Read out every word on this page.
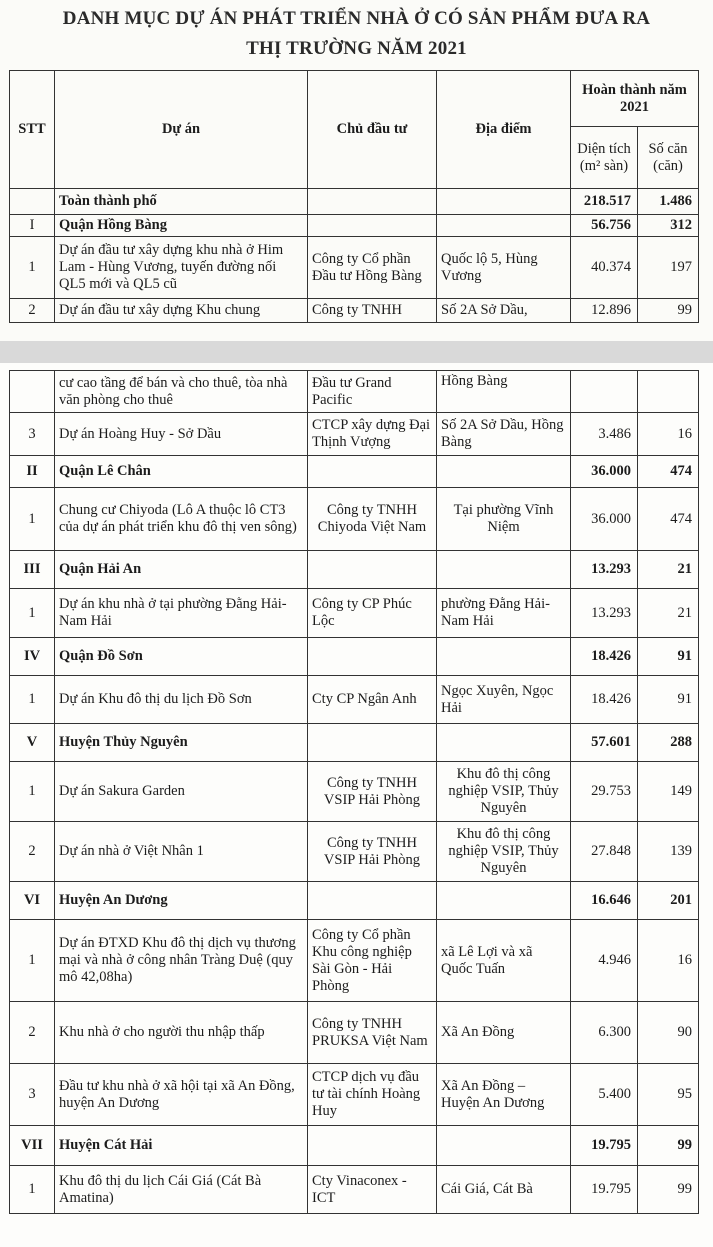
DANH MỤC DỰ ÁN PHÁT TRIỂN NHÀ Ở CÓ SẢN PHẨM ĐƯA RA
THỊ TRƯỜNG NĂM 2021
STT	Dự án	Chủ đầu tư	Địa điểm	Hoàn thành năm 2021	
				Diện tích (m² sàn)	Số căn (căn)
	Toàn thành phố			218.517	1.486
I	Quận Hồng Bàng			56.756	312
1	Dự án đầu tư xây dựng khu nhà ở Him Lam - Hùng Vương, tuyến đường nối QL5 mới và QL5 cũ	Công ty Cổ phần Đầu tư Hồng Bàng	Quốc lộ 5, Hùng Vương	40.374	197
2	Dự án đầu tư xây dựng Khu chung	Công ty TNHH	Số 2A Sở Dầu,	12.896	99
	cư cao tầng để bán và cho thuê, tòa nhà văn phòng cho thuê	Đầu tư Grand Pacific	Hồng Bàng		
3	Dự án Hoàng Huy - Sở Dầu	CTCP xây dựng Đại Thịnh Vượng	Số 2A Sở Dầu, Hồng Bàng	3.486	16
II	Quận Lê Chân			36.000	474
1	Chung cư Chiyoda (Lô A thuộc lô CT3 của dự án phát triển khu đô thị ven sông)	Công ty TNHH Chiyoda Việt Nam	Tại phường Vĩnh Niệm	36.000	474
III	Quận Hải An			13.293	21
1	Dự án khu nhà ở tại phường Đằng Hải- Nam Hải	Công ty CP Phúc Lộc	phường Đằng Hải- Nam Hải	13.293	21
IV	Quận Đồ Sơn			18.426	91
1	Dự án Khu đô thị du lịch Đồ Sơn	Cty CP Ngân Anh	Ngọc Xuyên, Ngọc Hải	18.426	91
V	Huyện Thủy Nguyên			57.601	288
1	Dự án Sakura Garden	Công ty TNHH VSIP Hải Phòng	Khu đô thị công nghiệp VSIP, Thủy Nguyên	29.753	149
2	Dự án nhà ở Việt Nhân 1	Công ty TNHH VSIP Hải Phòng	Khu đô thị công nghiệp VSIP, Thủy Nguyên	27.848	139
VI	Huyện An Dương			16.646	201
1	Dự án ĐTXD Khu đô thị dịch vụ thương mại và nhà ở công nhân Tràng Duệ (quy mô 42,08ha)	Công ty Cổ phần Khu công nghiệp Sài Gòn - Hải Phòng	xã Lê Lợi và xã Quốc Tuấn	4.946	16
2	Khu nhà ở cho người thu nhập thấp	Công ty TNHH PRUKSA Việt Nam	Xã An Đồng	6.300	90
3	Đầu tư khu nhà ở xã hội tại xã An Đồng, huyện An Dương	CTCP dịch vụ đầu tư tài chính Hoàng Huy	Xã An Đồng – Huyện An Dương	5.400	95
VII	Huyện Cát Hải			19.795	99
1	Khu đô thị du lịch Cái Giá (Cát Bà Amatina)	Cty Vinaconex - ICT	Cái Giá, Cát Bà	19.795	99
